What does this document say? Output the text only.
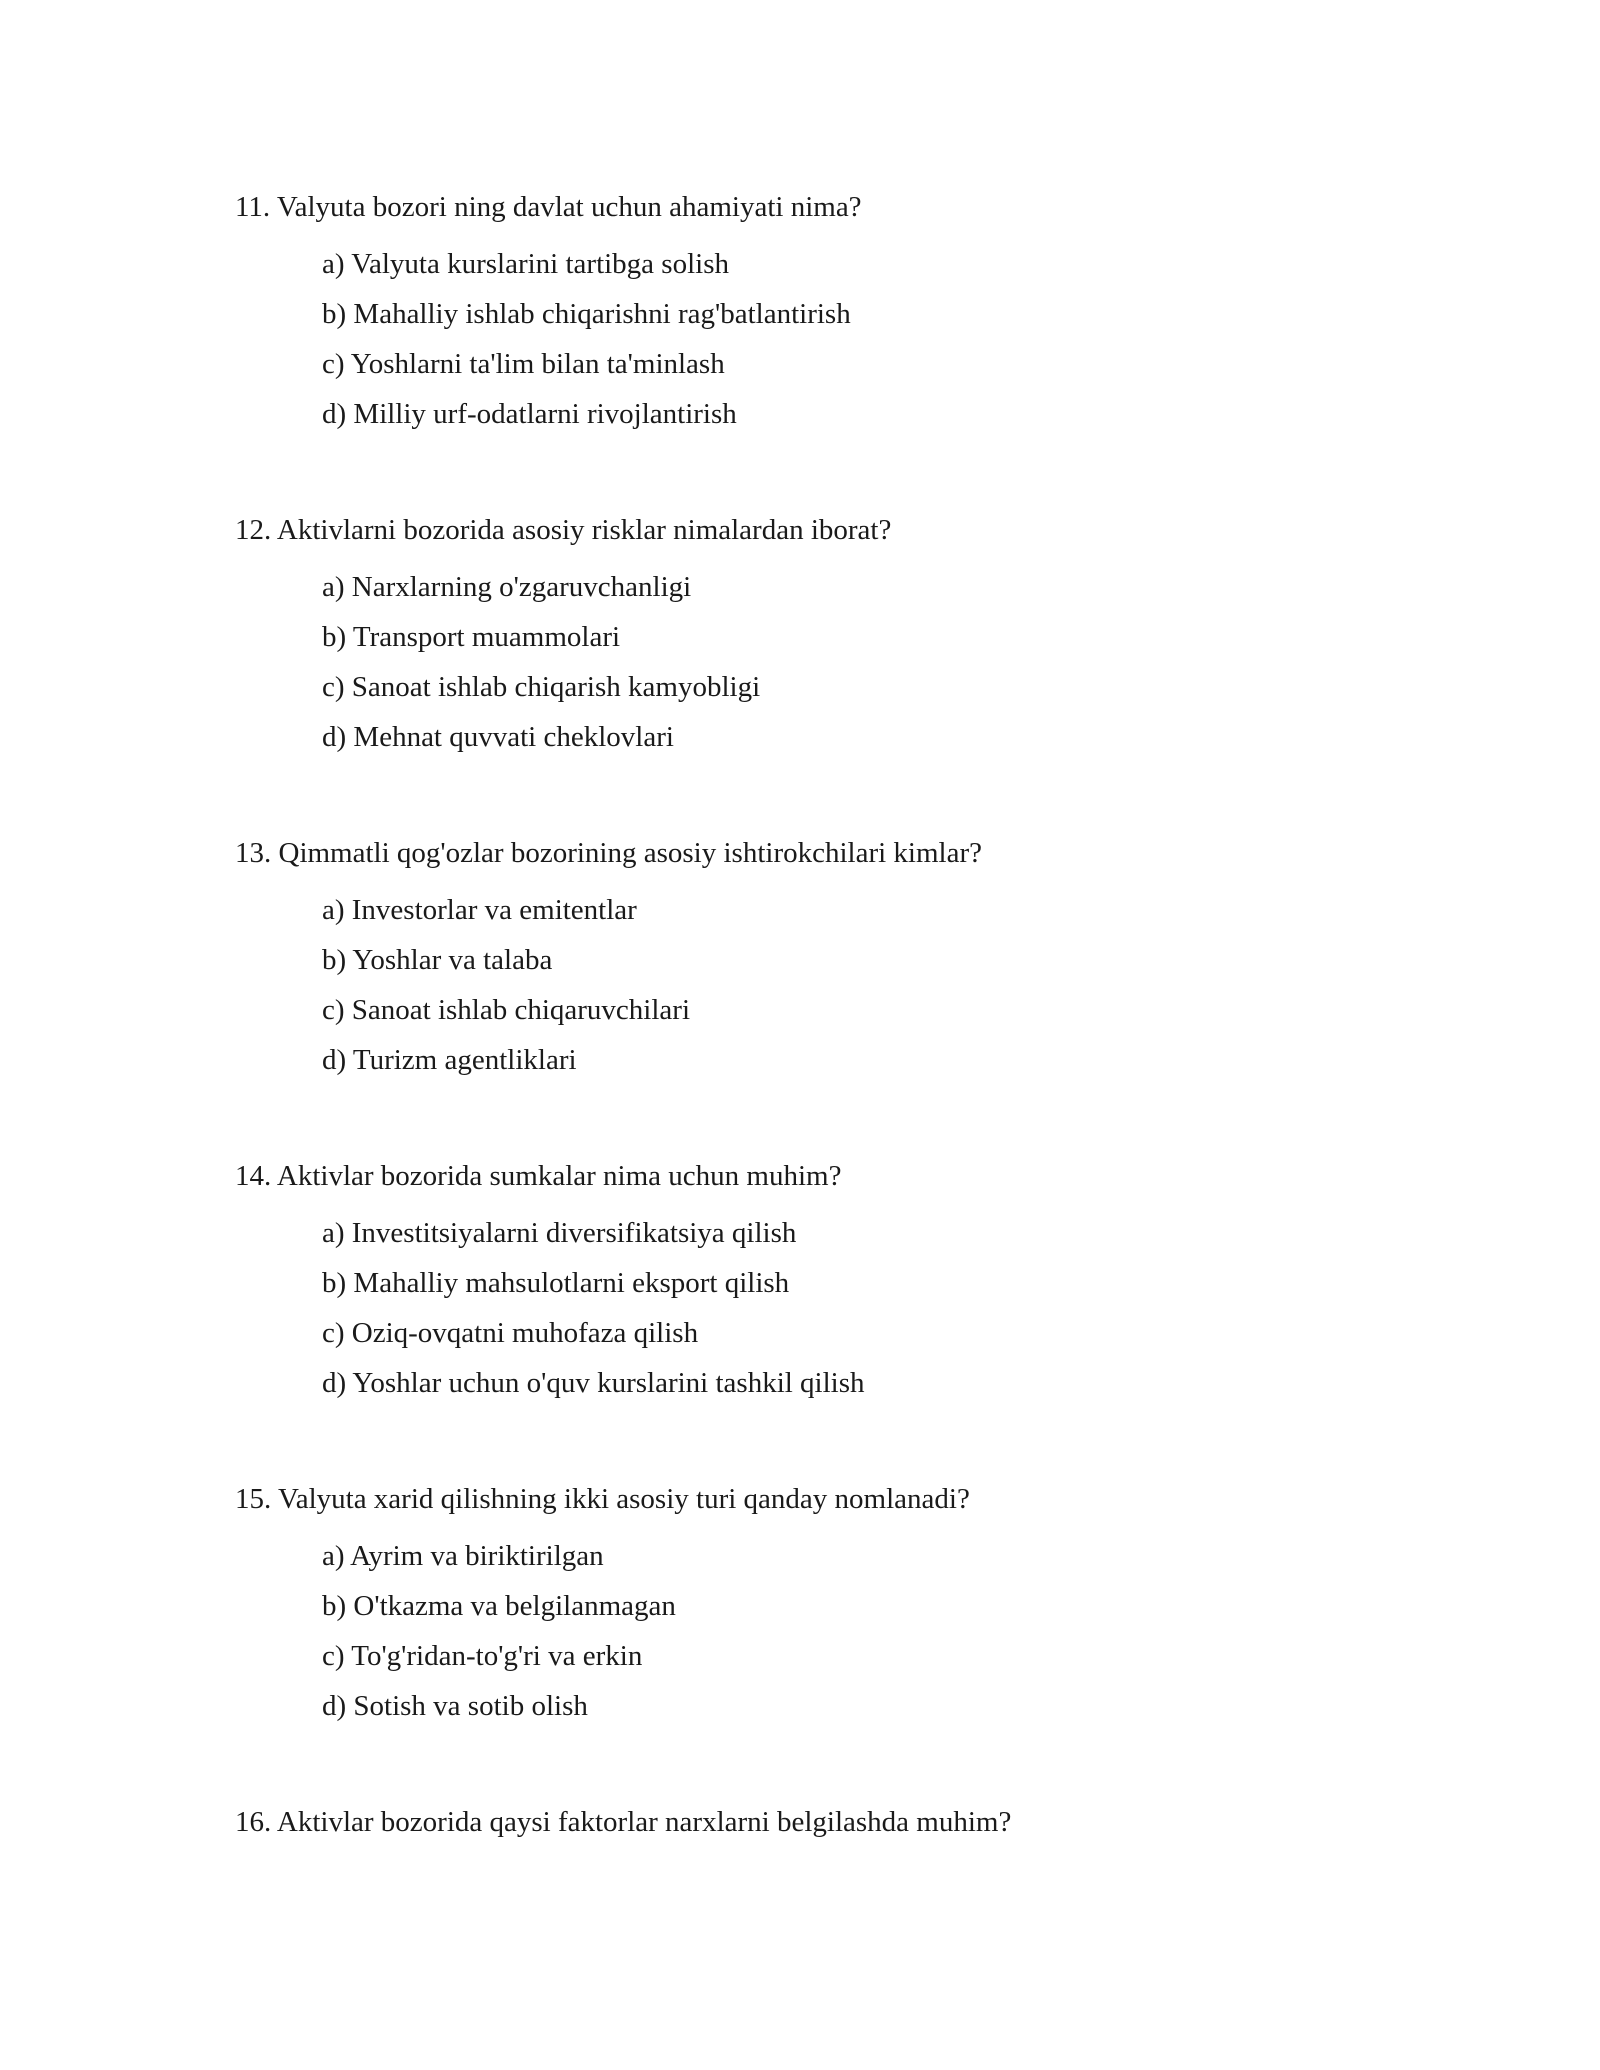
11. Valyuta bozori ning davlat uchun ahamiyati nima?

a) Valyuta kurslarini tartibga solish
b) Mahalliy ishlab chiqarishni rag'batlantirish
c) Yoshlarni ta'lim bilan ta'minlash
d) Milliy urf-odatlarni rivojlantirish

12. Aktivlarni bozorida asosiy risklar nimalardan iborat?

a) Narxlarning o'zgaruvchanligi
b) Transport muammolari
c) Sanoat ishlab chiqarish kamyobligi
d) Mehnat quvvati cheklovlari

13. Qimmatli qog'ozlar bozorining asosiy ishtirokchilari kimlar?

a) Investorlar va emitentlar
b) Yoshlar va talaba
c) Sanoat ishlab chiqaruvchilari
d) Turizm agentliklari

14. Aktivlar bozorida sumkalar nima uchun muhim?

a) Investitsiyalarni diversifikatsiya qilish
b) Mahalliy mahsulotlarni eksport qilish
c) Oziq-ovqatni muhofaza qilish
d) Yoshlar uchun o'quv kurslarini tashkil qilish

15. Valyuta xarid qilishning ikki asosiy turi qanday nomlanadi?

a) Ayrim va biriktirilgan
b) O'tkazma va belgilanmagan
c) To'g'ridan-to'g'ri va erkin
d) Sotish va sotib olish

16. Aktivlar bozorida qaysi faktorlar narxlarni belgilashda muhim?
